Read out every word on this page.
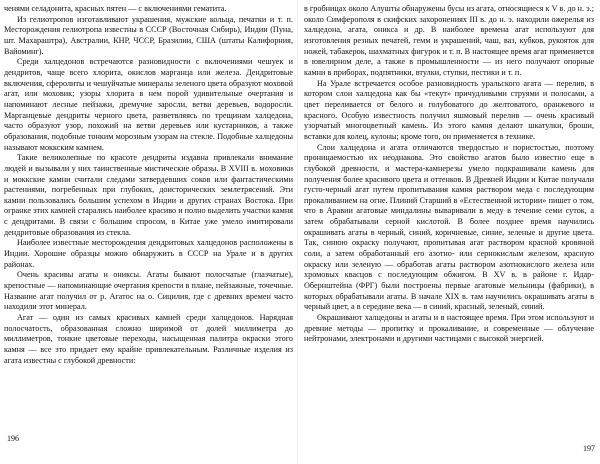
ченями селадонита, красных пятен — с включениями гематита.

Из гелиотропов изготавливают украшения, мужские кольца, печатки и т. п. Месторождения гелиотропа известны в СССР (Восточная Сибирь), Индии (Пуна, шт. Махараштра), Австралии, КНР, ЧССР, Бразилии, США (штаты Калифорния, Вайоминг).

Среди халцедонов встречаются разновидности с включениями чешуек и дендритов, чаще всего хлорита, окислов марганца или железа. Дендритовые включения, сферолиты и чешуйчатые минералы зеленого цвета образуют моховой агат, или моховик; узоры хлорита в нем порой удивительные очертания и напоминают лесные пейзажи, дремучие заросли, ветви деревьев, водоросли. Марганцевые дендриты черного цвета, разветвляясь по трещинам халцедона, часто образуют узор, похожий на ветви деревьев или кустарников, а также образования, подобные тонким морозным узорам на стекле. Подобные халцедоны называют моккским камнем.

Такие великолепные по красоте дендриты издавна привлекали внимание людей и вызывали у них таинственные мистические образы. В XVIII в. моховики и моккские камни считали следами затвердевших соков или фантастическими растениями, погребенных при глубоких, доисторических землетрясений. Эти камни пользовались большим успехом в Индии и других странах Востока. При огранке этих камней старались наиболее красиво и полно выделить участки камня с дендритами. В связи с большим спросом, в Китае уже умело имитировали дендритовые образования из стекла.

Наиболее известные месторождения дендритовых халцедонов расположены в Индии. Хорошие образцы можно обнаружить в СССР на Урале и в других районах.

Очень красивы агаты и ониксы. Агаты бывают полосчатые (глазчатые), крепостные — напоминающие очертания крепости в плане, пейзажные, точечные. Название агат получил от р. Агатос на о. Сицилия, где с древних времен часто находили этот минерал.

Агат — один из самых красивых камней среди халцедонов. Нарядная полосчатость, образованная сложно ширимой от долей миллиметра до миллиметров, тонкие цветовые переходы, насыщенная палитра окраски этого камня — все это придает ему крайне привлекательным. Различные изделия из агата известны с глубокой древности:

196

в гробницах около Алушты обнаружены бусы из агата, относящиеся к V в. до н. э.; около Симферополя в скифских захоронениях III в. до н. э. находили ожерелья из халцедона, агата, оникса и др. В наиболее времена агат используют для изготовления резных печатей, гемм и украшений, чаш, ваз, кубков, рукояток для ножей, табакерок, шахматных фигурок и т. п. В настоящее время агат применяется в ювелирном деле, а также в промышленности — из него получают опорные камни в приборах, подпятники, втулки, ступки, пестики и т. п.

На Урале встречается особое разновидность уральского агата — перелив, в котором слои халцедона как бы «текут» причудливыми струями и полосами, а цвет переливается от белого и голубоватого до желтоватого, оранжевого и красного. Особую известность получил яшмовый перелив — очень красивый узорчатый многоцветный камень. Из этого камня делают шкатулки, броши, вставки для колец, кулоны; кроме того, он применяется в технике.

Слои халцедона и агата отличаются твердостью и пористостью, поэтому проницаемостью их неоднакова. Это свойство агатов было известно еще в глубокой древности, и мастера-камнерезы умело подкрашивали камень для получения более красивого цвета и оттенков. В Древней Индии и Китае получали густо-черный агат путем пропитывания камня раствором меда с последующим прокаливанием на огне. Плиний Старший в «Естественной истории» пишет о том, что в Аравии агатовые миндалины вываривали в меду в течение семи суток, а затем обрабатывали серной кислотой. В более позднее время научились окрашивать агаты в черный, синий, коричневые, синие, зеленые и другие цвета. Так, синюю окраску получают, пропитывая агат раствором красной кровяной соли, а затем обработанный его азотно- или сернокислым железом, красную окраску или зеленую — обработав агаты раствором азотнокислого железа или хромовых квасцов с последующим обжигом. В XV в. в районе г. Идар-Обернштейна (ФРГ) были построены первые агатовые мельницы (фабрики), в которых обрабатывали агаты. В начале XIX в. там научились окрашивать агаты в черный цвет, а в середине века — в синий, красный, зеленый, синий.

Окрашивают халцедоны и агаты и в настоящее время. При этом используют и древние методы — пропитку и прокаливание, и современные — облучение нейтронами, электронами и другими частицами с высокой энергией.

197
